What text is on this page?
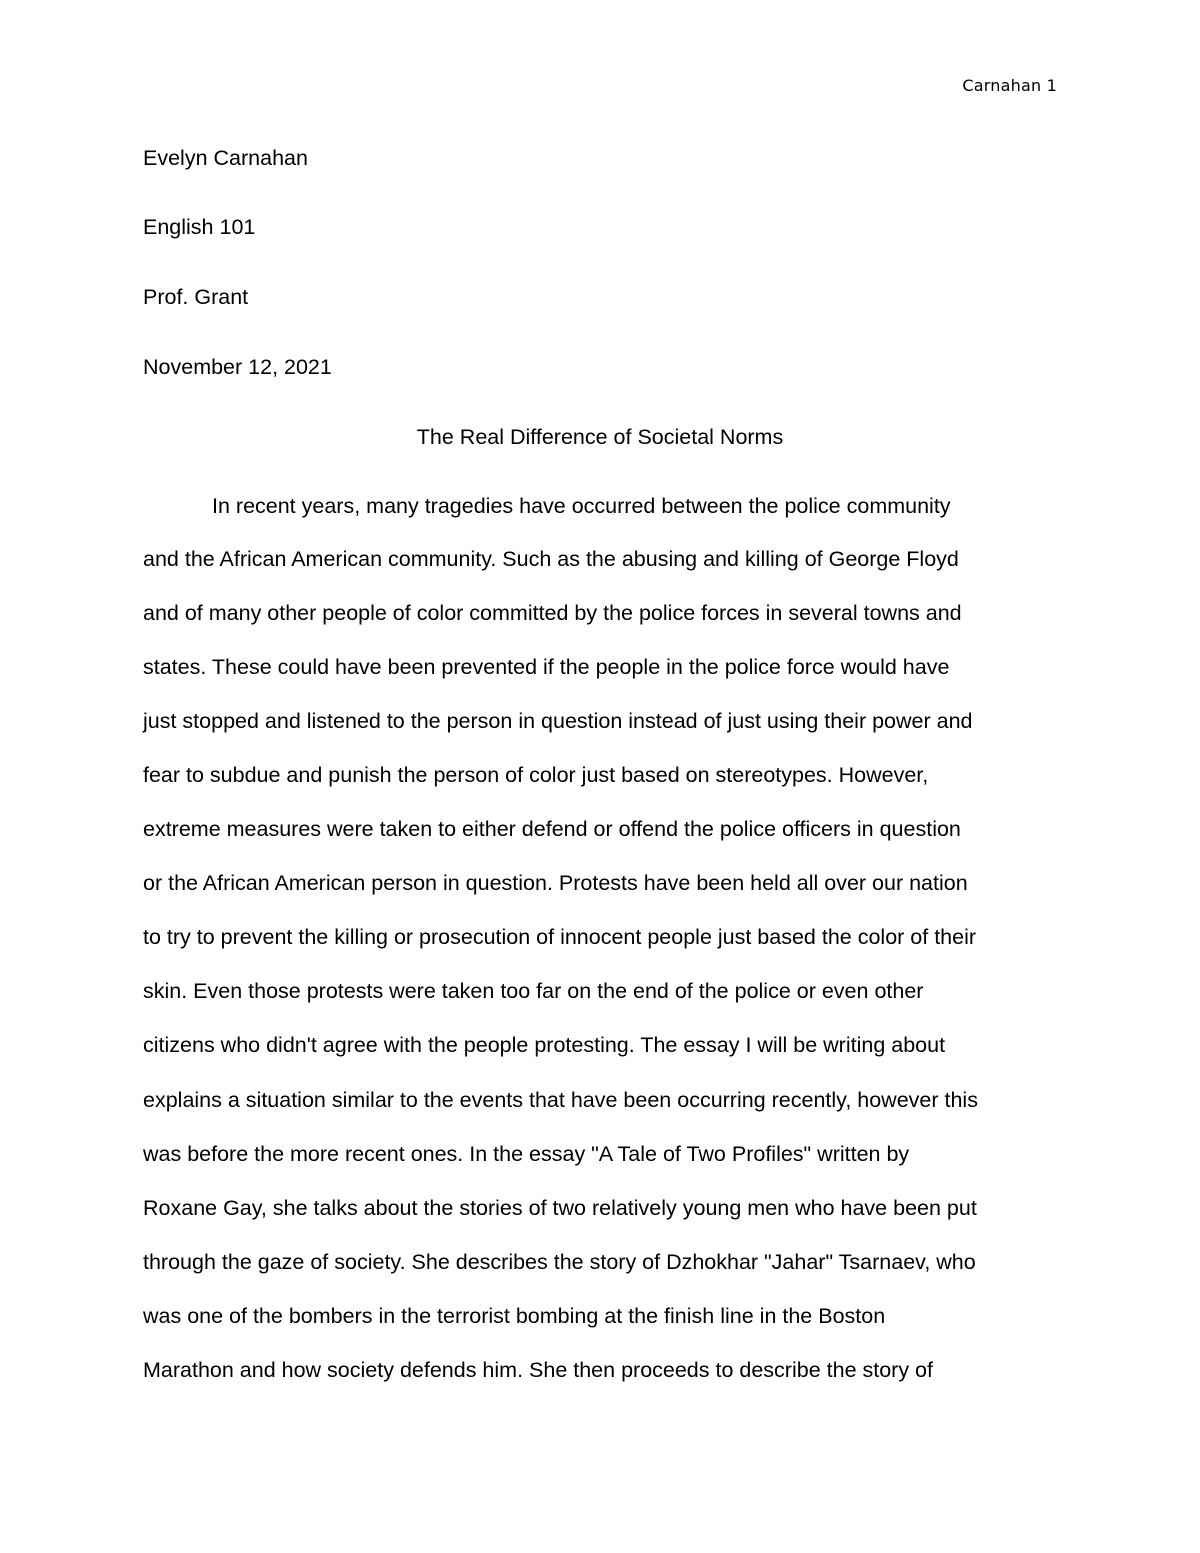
Carnahan 1
Evelyn Carnahan
English 101
Prof. Grant
November 12, 2021
The Real Difference of Societal Norms
In recent years, many tragedies have occurred between the police community
and the African American community. Such as the abusing and killing of George Floyd
and of many other people of color committed by the police forces in several towns and
states. These could have been prevented if the people in the police force would have
just stopped and listened to the person in question instead of just using their power and
fear to subdue and punish the person of color just based on stereotypes. However,
extreme measures were taken to either defend or offend the police officers in question
or the African American person in question. Protests have been held all over our nation
to try to prevent the killing or prosecution of innocent people just based the color of their
skin. Even those protests were taken too far on the end of the police or even other
citizens who didn't agree with the people protesting. The essay I will be writing about
explains a situation similar to the events that have been occurring recently, however this
was before the more recent ones. In the essay "A Tale of Two Profiles" written by
Roxane Gay, she talks about the stories of two relatively young men who have been put
through the gaze of society. She describes the story of Dzhokhar "Jahar" Tsarnaev, who
was one of the bombers in the terrorist bombing at the finish line in the Boston
Marathon and how society defends him. She then proceeds to describe the story of
